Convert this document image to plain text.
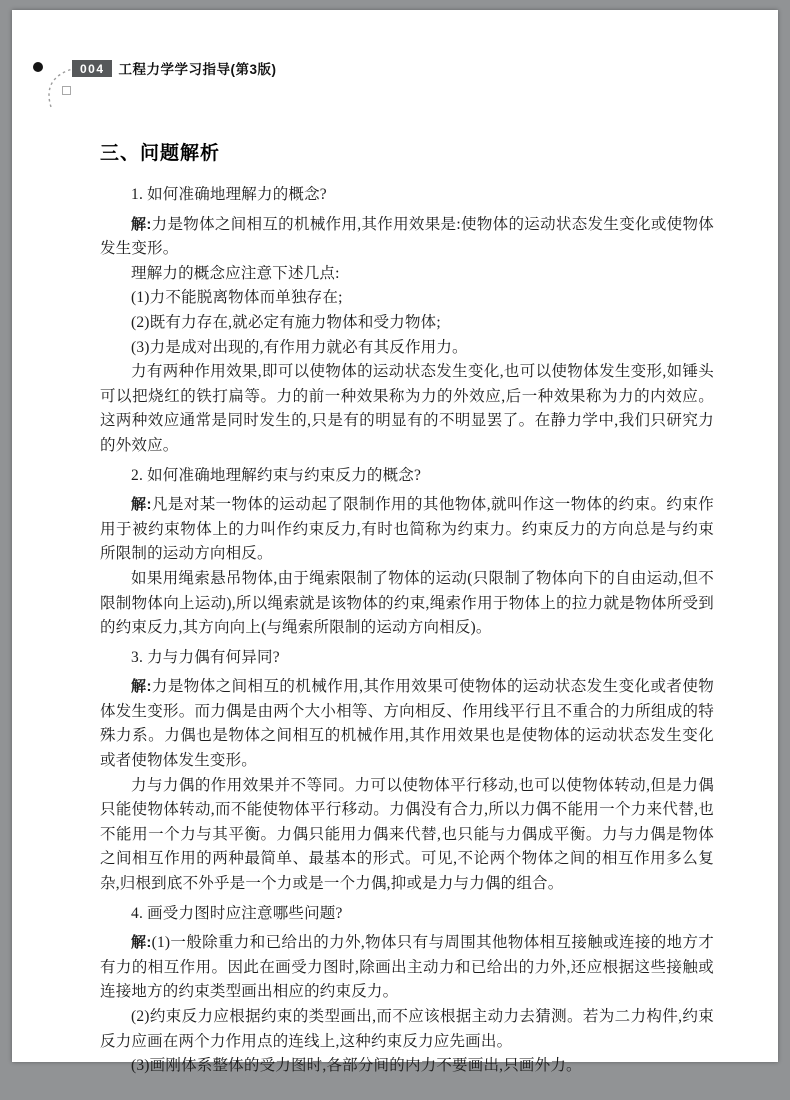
004	工程力学学习指导(第3版)
三、问题解析

1. 如何准确地理解力的概念?

解:力是物体之间相互的机械作用,其作用效果是:使物体的运动状态发生变化或使物体发生变形。

理解力的概念应注意下述几点:

(1)力不能脱离物体而单独存在;

(2)既有力存在,就必定有施力物体和受力物体;

(3)力是成对出现的,有作用力就必有其反作用力。

力有两种作用效果,即可以使物体的运动状态发生变化,也可以使物体发生变形,如锤头可以把烧红的铁打扁等。力的前一种效果称为力的外效应,后一种效果称为力的内效应。这两种效应通常是同时发生的,只是有的明显有的不明显罢了。在静力学中,我们只研究力的外效应。

2. 如何准确地理解约束与约束反力的概念?

解:凡是对某一物体的运动起了限制作用的其他物体,就叫作这一物体的约束。约束作用于被约束物体上的力叫作约束反力,有时也简称为约束力。约束反力的方向总是与约束所限制的运动方向相反。

如果用绳索悬吊物体,由于绳索限制了物体的运动(只限制了物体向下的自由运动,但不限制物体向上运动),所以绳索就是该物体的约束,绳索作用于物体上的拉力就是物体所受到的约束反力,其方向向上(与绳索所限制的运动方向相反)。

3. 力与力偶有何异同?

解:力是物体之间相互的机械作用,其作用效果可使物体的运动状态发生变化或者使物体发生变形。而力偶是由两个大小相等、方向相反、作用线平行且不重合的力所组成的特殊力系。力偶也是物体之间相互的机械作用,其作用效果也是使物体的运动状态发生变化或者使物体发生变形。

力与力偶的作用效果并不等同。力可以使物体平行移动,也可以使物体转动,但是力偶只能使物体转动,而不能使物体平行移动。力偶没有合力,所以力偶不能用一个力来代替,也不能用一个力与其平衡。力偶只能用力偶来代替,也只能与力偶成平衡。力与力偶是物体之间相互作用的两种最简单、最基本的形式。可见,不论两个物体之间的相互作用多么复杂,归根到底不外乎是一个力或是一个力偶,抑或是力与力偶的组合。

4. 画受力图时应注意哪些问题?

解:(1)一般除重力和已给出的力外,物体只有与周围其他物体相互接触或连接的地方才有力的相互作用。因此在画受力图时,除画出主动力和已给出的力外,还应根据这些接触或连接地方的约束类型画出相应的约束反力。

(2)约束反力应根据约束的类型画出,而不应该根据主动力去猜测。若为二力构件,约束反力应画在两个力作用点的连线上,这种约束反力应先画出。

(3)画刚体系整体的受力图时,各部分间的内力不要画出,只画外力。
